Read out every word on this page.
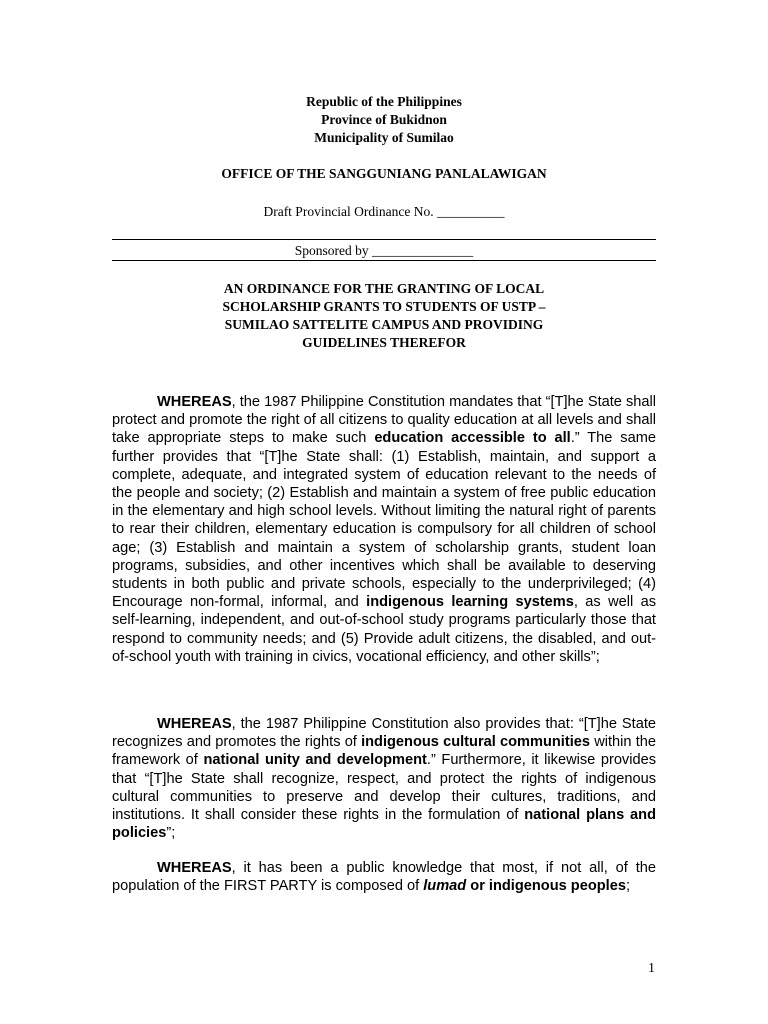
Republic of the Philippines
Province of Bukidnon
Municipality of Sumilao
OFFICE OF THE SANGGUNIANG PANLALAWIGAN
Draft Provincial Ordinance No. __________
Sponsored by _______________
AN ORDINANCE FOR THE GRANTING OF LOCAL
SCHOLARSHIP GRANTS TO STUDENTS OF USTP –
SUMILAO SATTELITE CAMPUS AND PROVIDING
GUIDELINES THEREFOR

WHEREAS, the 1987 Philippine Constitution mandates that “[T]he State shall protect and promote the right of all citizens to quality education at all levels and shall take appropriate steps to make such education accessible to all.” The same further provides that “[T]he State shall: (1) Establish, maintain, and support a complete, adequate, and integrated system of education relevant to the needs of the people and society; (2) Establish and maintain a system of free public education in the elementary and high school levels. Without limiting the natural right of parents to rear their children, elementary education is compulsory for all children of school age; (3) Establish and maintain a system of scholarship grants, student loan programs, subsidies, and other incentives which shall be available to deserving students in both public and private schools, especially to the underprivileged; (4) Encourage non-formal, informal, and indigenous learning systems, as well as self-learning, independent, and out-of-school study programs particularly those that respond to community needs; and (5) Provide adult citizens, the disabled, and out-of-school youth with training in civics, vocational efficiency, and other skills”;

WHEREAS, the 1987 Philippine Constitution also provides that: “[T]he State recognizes and promotes the rights of indigenous cultural communities within the framework of national unity and development.” Furthermore, it likewise provides that “[T]he State shall recognize, respect, and protect the rights of indigenous cultural communities to preserve and develop their cultures, traditions, and institutions. It shall consider these rights in the formulation of national plans and policies”;

WHEREAS, it has been a public knowledge that most, if not all, of the population of the FIRST PARTY is composed of lumad or indigenous peoples;

1
